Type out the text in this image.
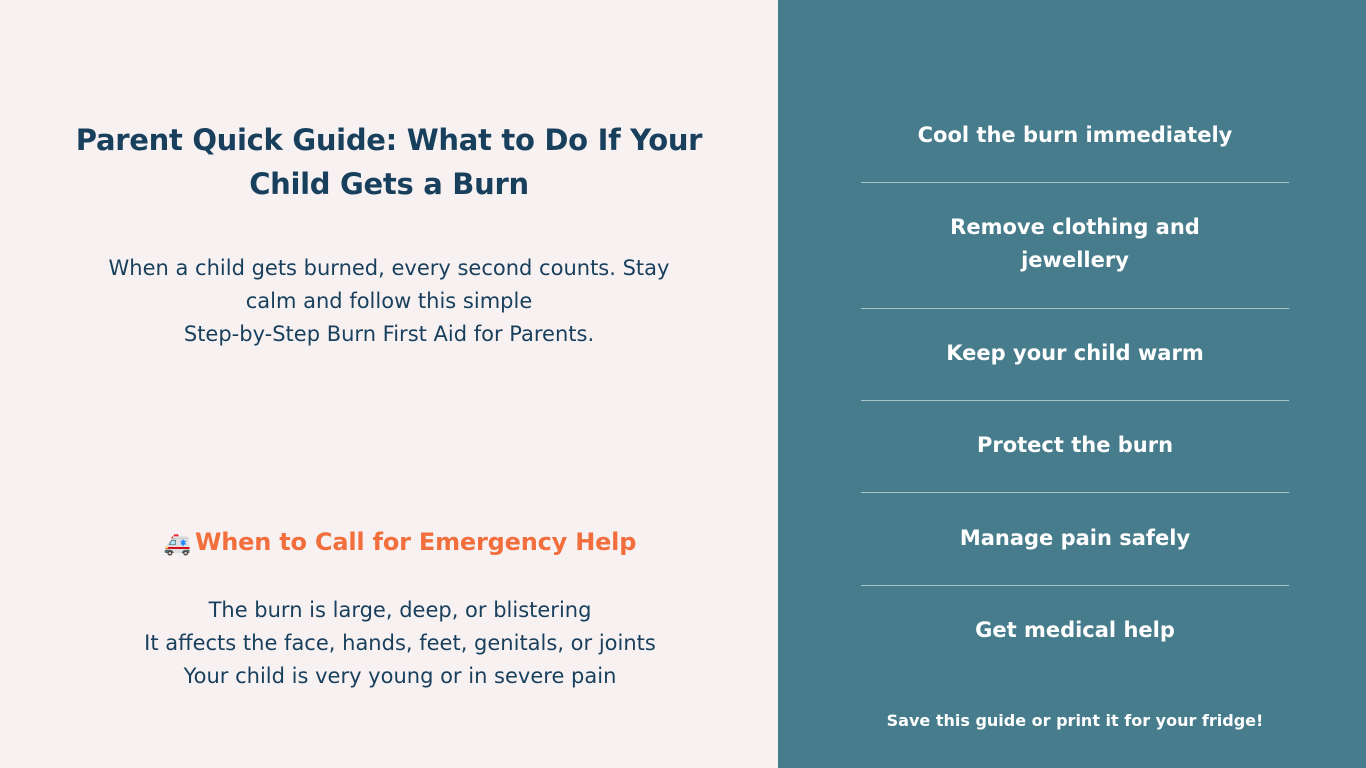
Parent Quick Guide: What to Do If Your Child Gets a Burn
When a child gets burned, every second counts. Stay
calm and follow this simple
Step-by-Step Burn First Aid for Parents.
🚑 When to Call for Emergency Help
The burn is large, deep, or blistering
It affects the face, hands, feet, genitals, or joints
Your child is very young or in severe pain
Cool the burn immediately
Remove clothing and
jewellery
Keep your child warm
Protect the burn
Manage pain safely
Get medical help
Save this guide or print it for your fridge!
